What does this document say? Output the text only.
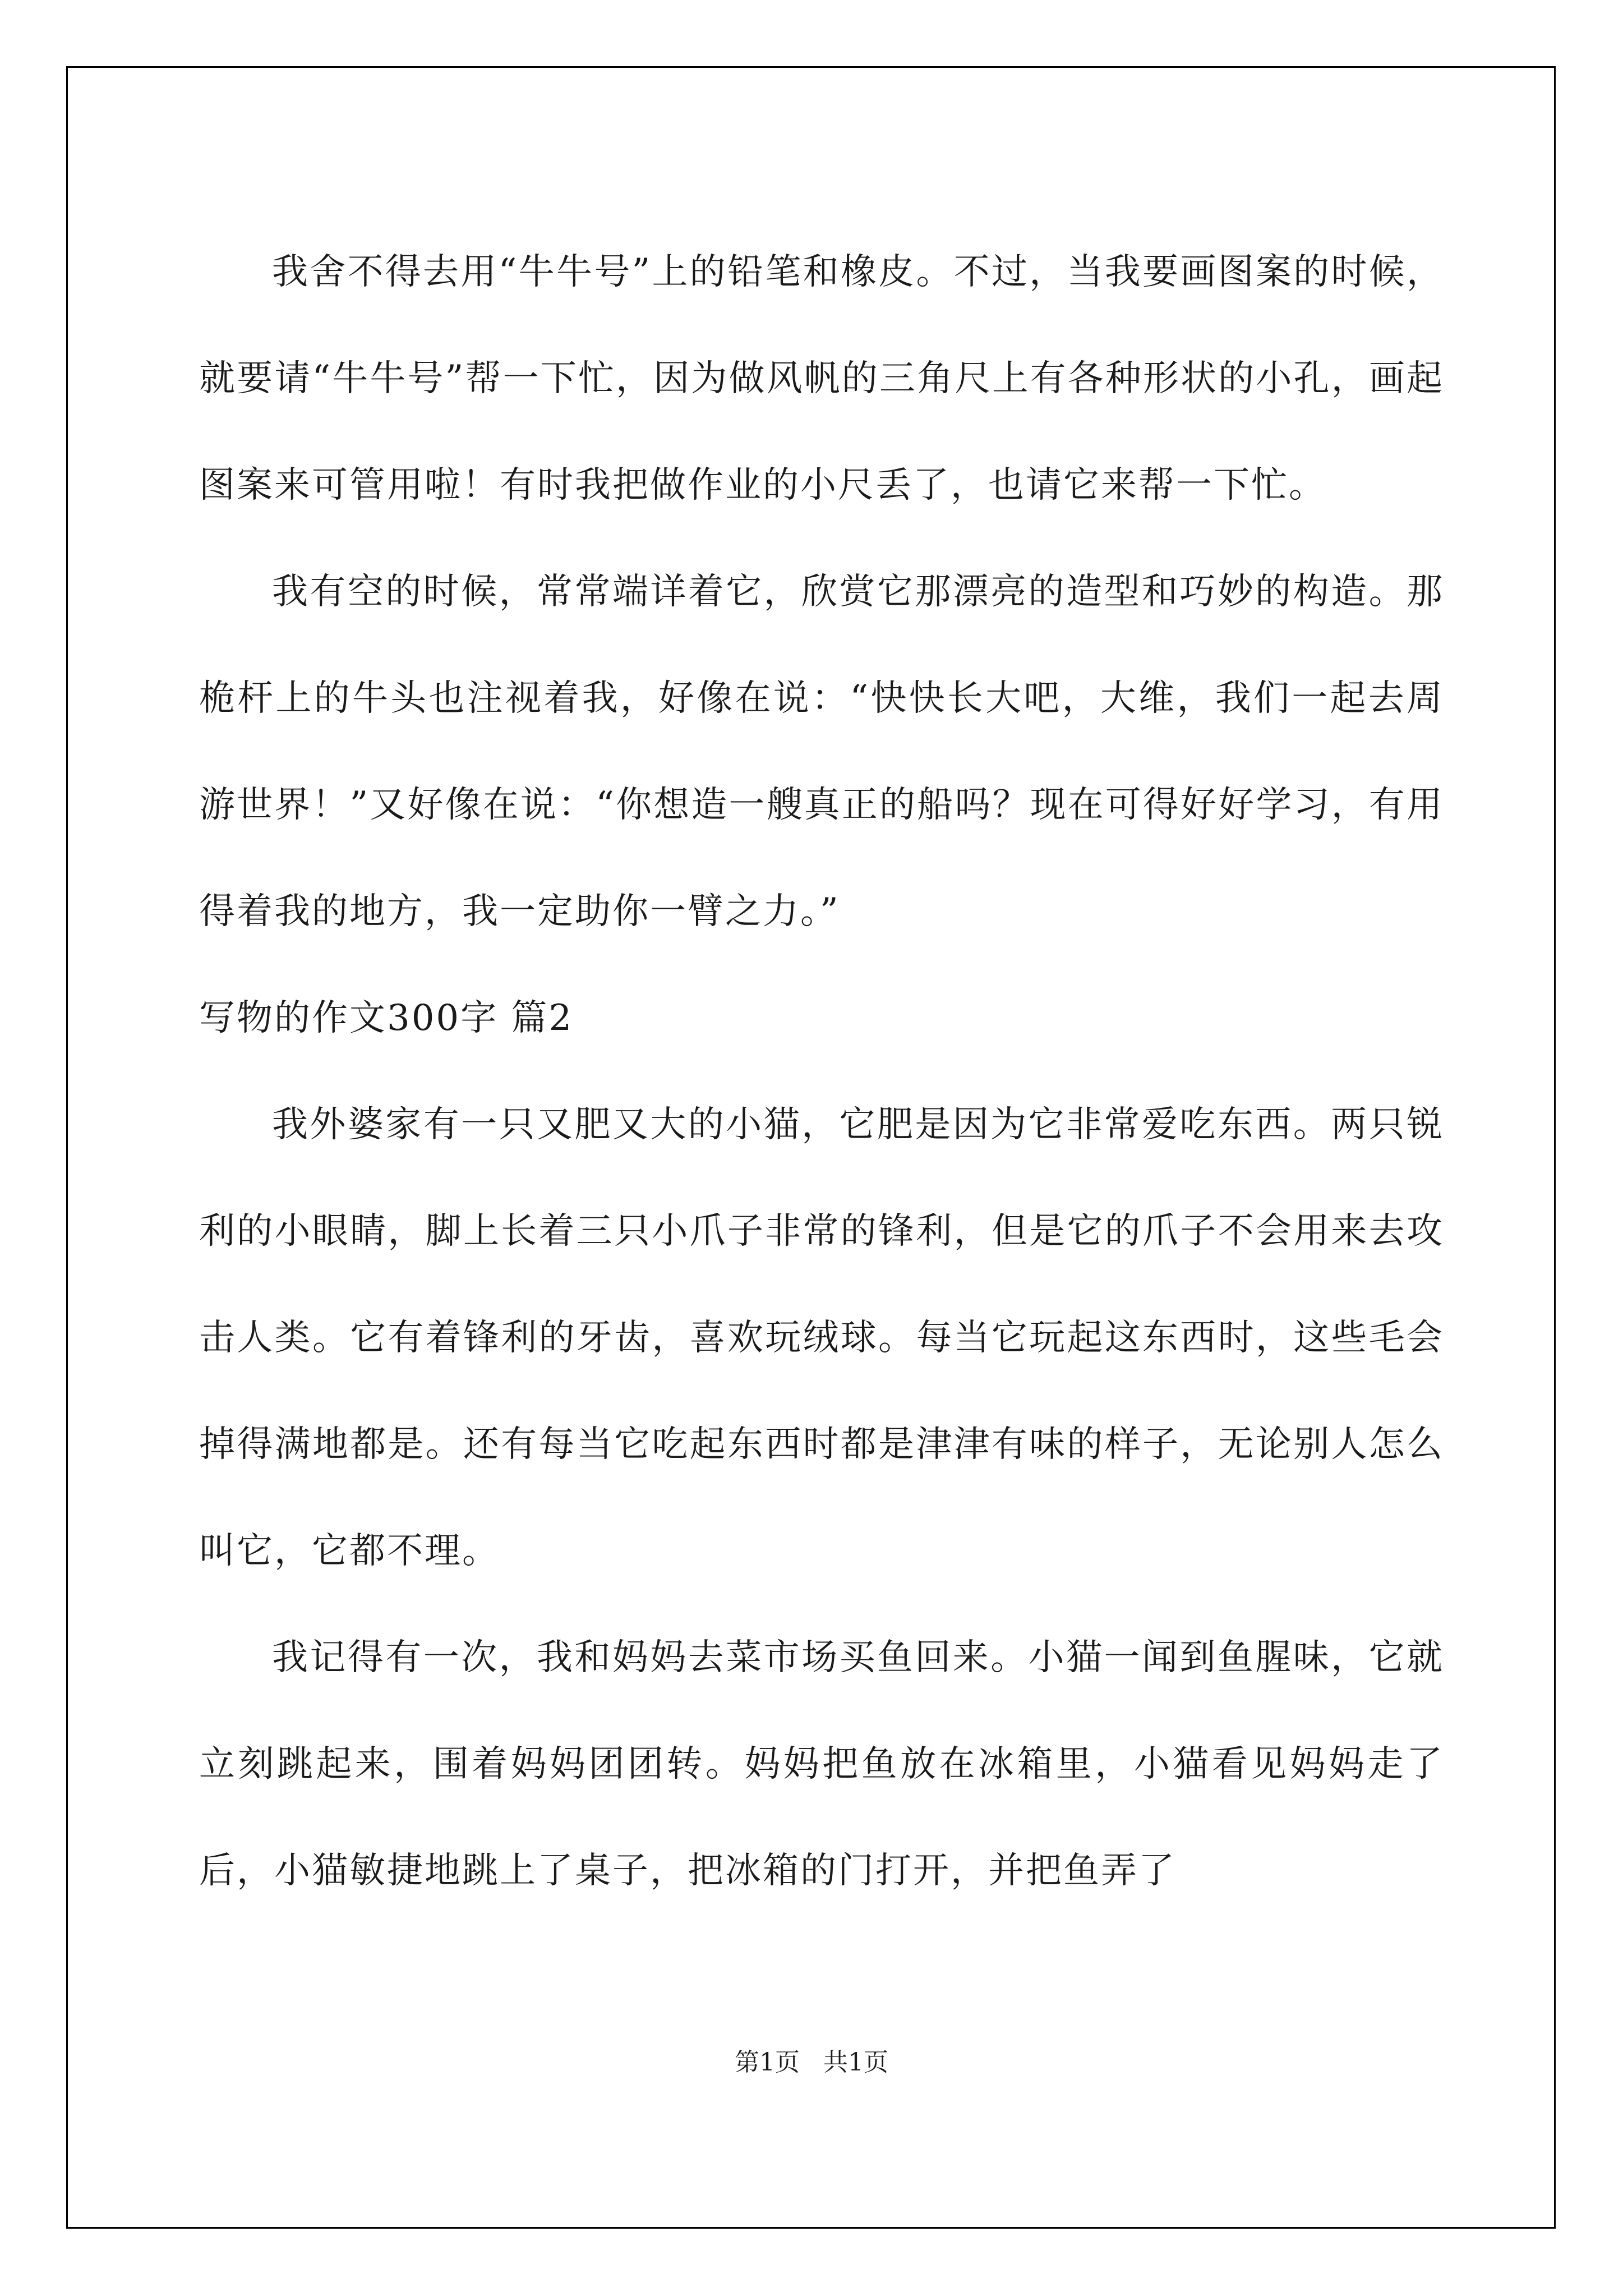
我舍不得去用“牛牛号”上的铅笔和橡皮。不过，当我要画图案的时候，就要请“牛牛号”帮一下忙，因为做风帆的三角尺上有各种形状的小孔，画起图案来可管用啦！有时我把做作业的小尺丢了，也请它来帮一下忙。

我有空的时候，常常端详着它，欣赏它那漂亮的造型和巧妙的构造。那桅杆上的牛头也注视着我，好像在说：“快快长大吧，大维，我们一起去周游世界！”又好像在说：“你想造一艘真正的船吗？现在可得好好学习，有用得着我的地方，我一定助你一臂之力。”

写物的作文300字 篇2

我外婆家有一只又肥又大的小猫，它肥是因为它非常爱吃东西。两只锐利的小眼睛，脚上长着三只小爪子非常的锋利，但是它的爪子不会用来去攻击人类。它有着锋利的牙齿，喜欢玩绒球。每当它玩起这东西时，这些毛会掉得满地都是。还有每当它吃起东西时都是津津有味的样子，无论别人怎么叫它，它都不理。

我记得有一次，我和妈妈去菜市场买鱼回来。小猫一闻到鱼腥味，它就立刻跳起来，围着妈妈团团转。妈妈把鱼放在冰箱里，小猫看见妈妈走了后，小猫敏捷地跳上了桌子，把冰箱的门打开，并把鱼弄了

第1页 共1页
